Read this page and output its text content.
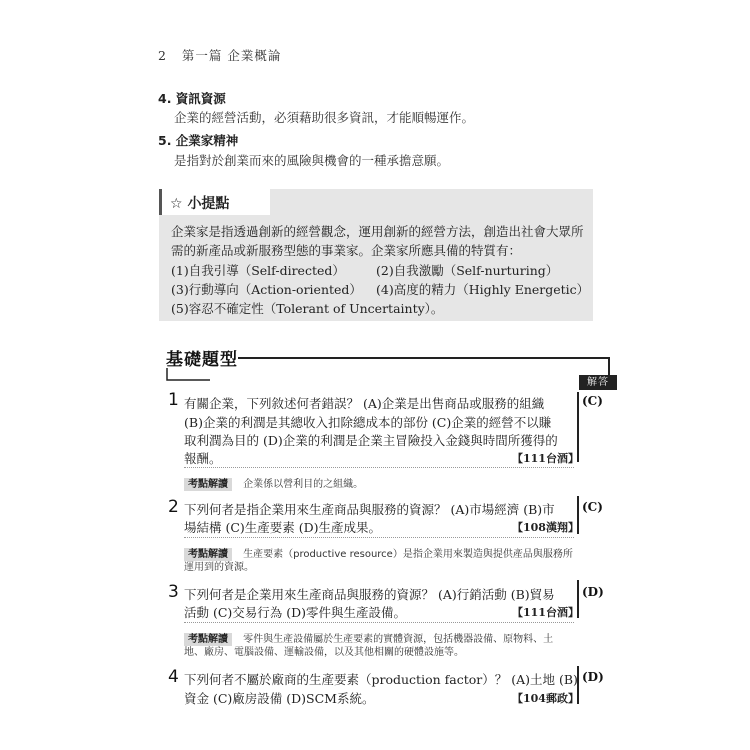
2 第一篇 企業概論
4. 資訊資源
企業的經營活動，必須藉助很多資訊，才能順暢運作。
5. 企業家精神
是指對於創業而來的風險與機會的一種承擔意願。
☆ 小提點
企業家是指透過創新的經營觀念，運用創新的經營方法，創造出社會大眾所
需的新產品或新服務型態的事業家。企業家所應具備的特質有：
(1)自我引導（Self-directed） (2)自我激勵（Self-nurturing）
(3)行動導向（Action-oriented） (4)高度的精力（Highly Energetic）
(5)容忍不確定性（Tolerant of Uncertainty）。
基礎題型
解答
1 有關企業，下列敘述何者錯誤？ (A)企業是出售商品或服務的組織
(B)企業的利潤是其總收入扣除總成本的部份 (C)企業的經營不以賺
取利潤為目的 (D)企業的利潤是企業主冒險投入金錢與時間所獲得的
報酬。	【111台酒】
(C)
考點解讀 企業係以營利目的之組織。
2 下列何者是指企業用來生產商品與服務的資源？ (A)市場經濟 (B)市
場結構 (C)生產要素 (D)生產成果。	【108漢翔】
(C)
考點解讀 生產要素（productive resource）是指企業用來製造與提供產品與服務所
運用到的資源。
3 下列何者是企業用來生產商品與服務的資源？ (A)行銷活動 (B)貿易
活動 (C)交易行為 (D)零件與生產設備。	【111台酒】
(D)
考點解讀 零件與生產設備屬於生產要素的實體資源，包括機器設備、原物料、土
地、廠房、電腦設備、運輸設備，以及其他相關的硬體設施等。
4 下列何者不屬於廠商的生產要素（production factor）？ (A)土地 (B)
資金 (C)廠房設備 (D)SCM系統。	【104郵政】
(D)
